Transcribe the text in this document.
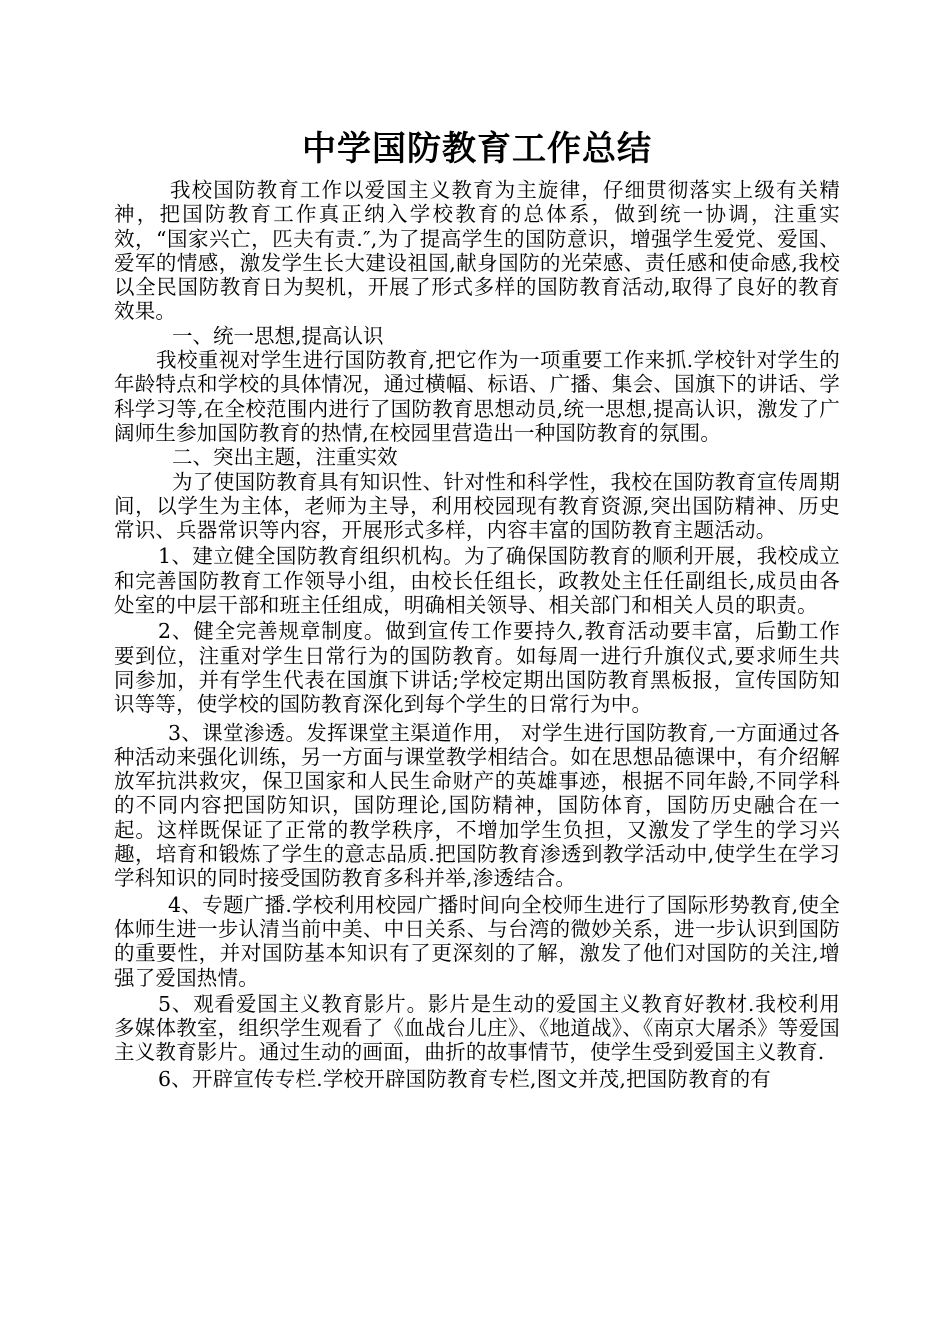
中学国防教育工作总结

我校国防教育工作以爱国主义教育为主旋律，仔细贯彻落实上级有关精神，把国防教育工作真正纳入学校教育的总体系，做到统一协调，注重实效，“国家兴亡，匹夫有责.″,为了提高学生的国防意识，增强学生爱党、爱国、爱军的情感，激发学生长大建设祖国,献身国防的光荣感、责任感和使命感,我校以全民国防教育日为契机，开展了形式多样的国防教育活动,取得了良好的教育效果。

一、统一思想,提高认识

我校重视对学生进行国防教育,把它作为一项重要工作来抓.学校针对学生的年龄特点和学校的具体情况，通过横幅、标语、广播、集会、国旗下的讲话、学科学习等,在全校范围内进行了国防教育思想动员,统一思想,提高认识，激发了广阔师生参加国防教育的热情,在校园里营造出一种国防教育的氛围。

二、突出主题，注重实效

为了使国防教育具有知识性、针对性和科学性，我校在国防教育宣传周期间，以学生为主体，老师为主导，利用校园现有教育资源,突出国防精神、历史常识、兵器常识等内容，开展形式多样，内容丰富的国防教育主题活动。

1、建立健全国防教育组织机构。为了确保国防教育的顺利开展，我校成立和完善国防教育工作领导小组，由校长任组长，政教处主任任副组长,成员由各处室的中层干部和班主任组成，明确相关领导、相关部门和相关人员的职责。

2、健全完善规章制度。做到宣传工作要持久,教育活动要丰富，后勤工作要到位，注重对学生日常行为的国防教育。如每周一进行升旗仪式,要求师生共同参加，并有学生代表在国旗下讲话;学校定期出国防教育黑板报，宣传国防知识等等，使学校的国防教育深化到每个学生的日常行为中。

3、课堂渗透。发挥课堂主渠道作用， 对学生进行国防教育,一方面通过各种活动来强化训练，另一方面与课堂教学相结合。如在思想品德课中，有介绍解放军抗洪救灾，保卫国家和人民生命财产的英雄事迹，根据不同年龄,不同学科的不同内容把国防知识，国防理论,国防精神，国防体育，国防历史融合在一起。这样既保证了正常的教学秩序，不增加学生负担，又激发了学生的学习兴趣，培育和锻炼了学生的意志品质.把国防教育渗透到教学活动中,使学生在学习学科知识的同时接受国防教育多科并举,渗透结合。

4、专题广播.学校利用校园广播时间向全校师生进行了国际形势教育,使全体师生进一步认清当前中美、中日关系、与台湾的微妙关系，进一步认识到国防的重要性，并对国防基本知识有了更深刻的了解，激发了他们对国防的关注,增强了爱国热情。

5、观看爱国主义教育影片。影片是生动的爱国主义教育好教材.我校利用多媒体教室，组织学生观看了《血战台儿庄》、《地道战》、《南京大屠杀》等爱国主义教育影片。通过生动的画面，曲折的故事情节，使学生受到爱国主义教育.

6、开辟宣传专栏.学校开辟国防教育专栏,图文并茂,把国防教育的有
